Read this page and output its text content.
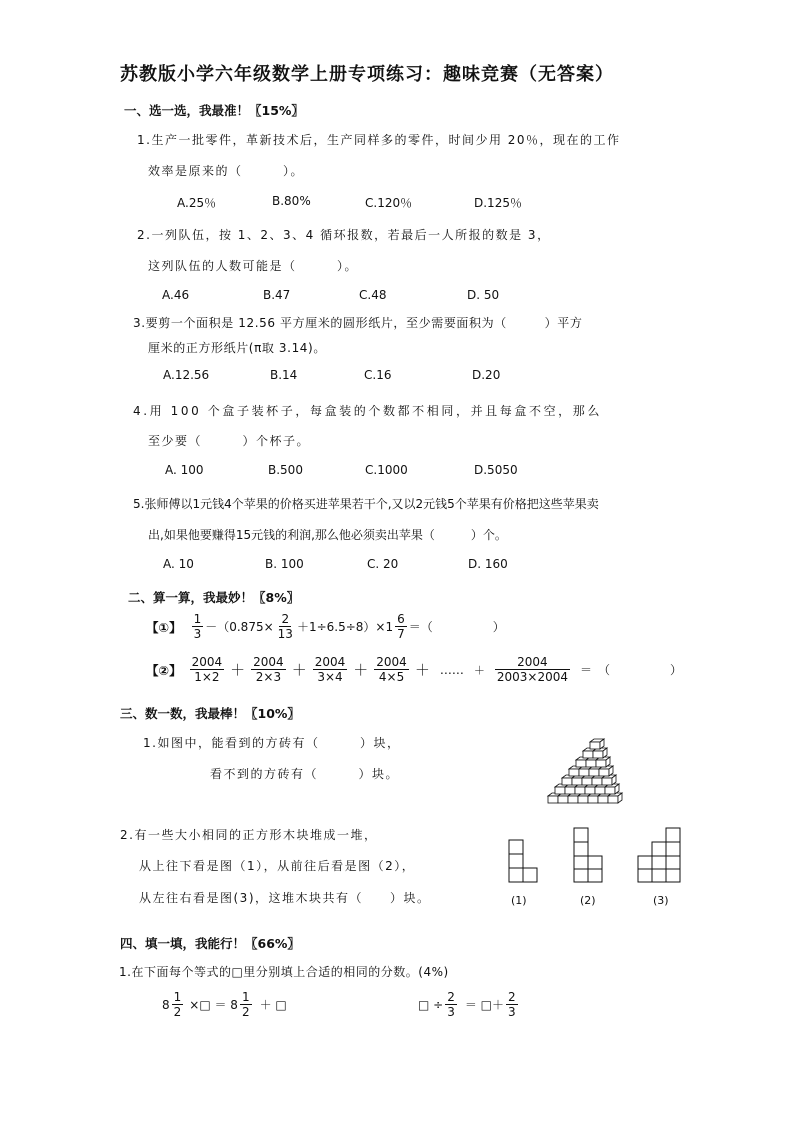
苏教版小学六年级数学上册专项练习：趣味竞赛（无答案）
一、选一选，我最准！〖15%〗
1.生产一批零件，革新技术后，生产同样多的零件，时间少用 20％，现在的工作
效率是原来的（　　　）。
A.25％	B.80%	C.120％	D.125％
2.一列队伍，按 1、2、3、4 循环报数，若最后一人所报的数是 3，
这列队伍的人数可能是（　　　）。
A.46	B.47	C.48	D. 50
3.要剪一个面积是 12.56 平方厘米的圆形纸片，至少需要面积为（　　　）平方
厘米的正方形纸片(π取 3.14)。
A.12.56	B.14	C.16	D.20
4.用 100 个盒子装杯子，每盒装的个数都不相同，并且每盒不空，那么
至少要（　　　）个杯子。
A. 100	B.500	C.1000	D.5050
5.张师傅以1元钱4个苹果的价格买进苹果若干个,又以2元钱5个苹果有价格把这些苹果卖
出,如果他要赚得15元钱的利润,那么他必须卖出苹果（　　　）个。
A. 10	B. 100	C. 20	D. 160
二、算一算，我最妙！〖8%〗
【①】 $\frac{1}{3} -(0.875\times \frac{2}{13} +1\div 6.5\div 8)\times 1 \frac{6}{7}$ ＝（　　　　　）
【②】 $\frac{2004}{1\times 2} + \frac{2004}{2\times 3} + \frac{2004}{3\times 4} + \frac{2004}{4\times 5}$ ＋ …… ＋ $\frac{2004}{2003\times 2004}$ ＝　（　　　　　）
三、数一数，我最棒！〖10%〗
1.如图中，能看到的方砖有（　　　）块，
看不到的方砖有（　　　）块。
2.有一些大小相同的正方形木块堆成一堆，
从上往下看是图（1），从前往后看是图（2），
从左往右看是图(3)，这堆木块共有（　　）块。	(1)	(2)	(3)
四、填一填，我能行！〖66%〗
1.在下面每个等式的□里分别填上合适的相同的分数。(4%)
$8 \frac{1}{2}$ ×□ ＝ $8 \frac{1}{2}$ ＋ □	□ ÷ $\frac{2}{3}$ ＝ □＋ $\frac{2}{3}$
